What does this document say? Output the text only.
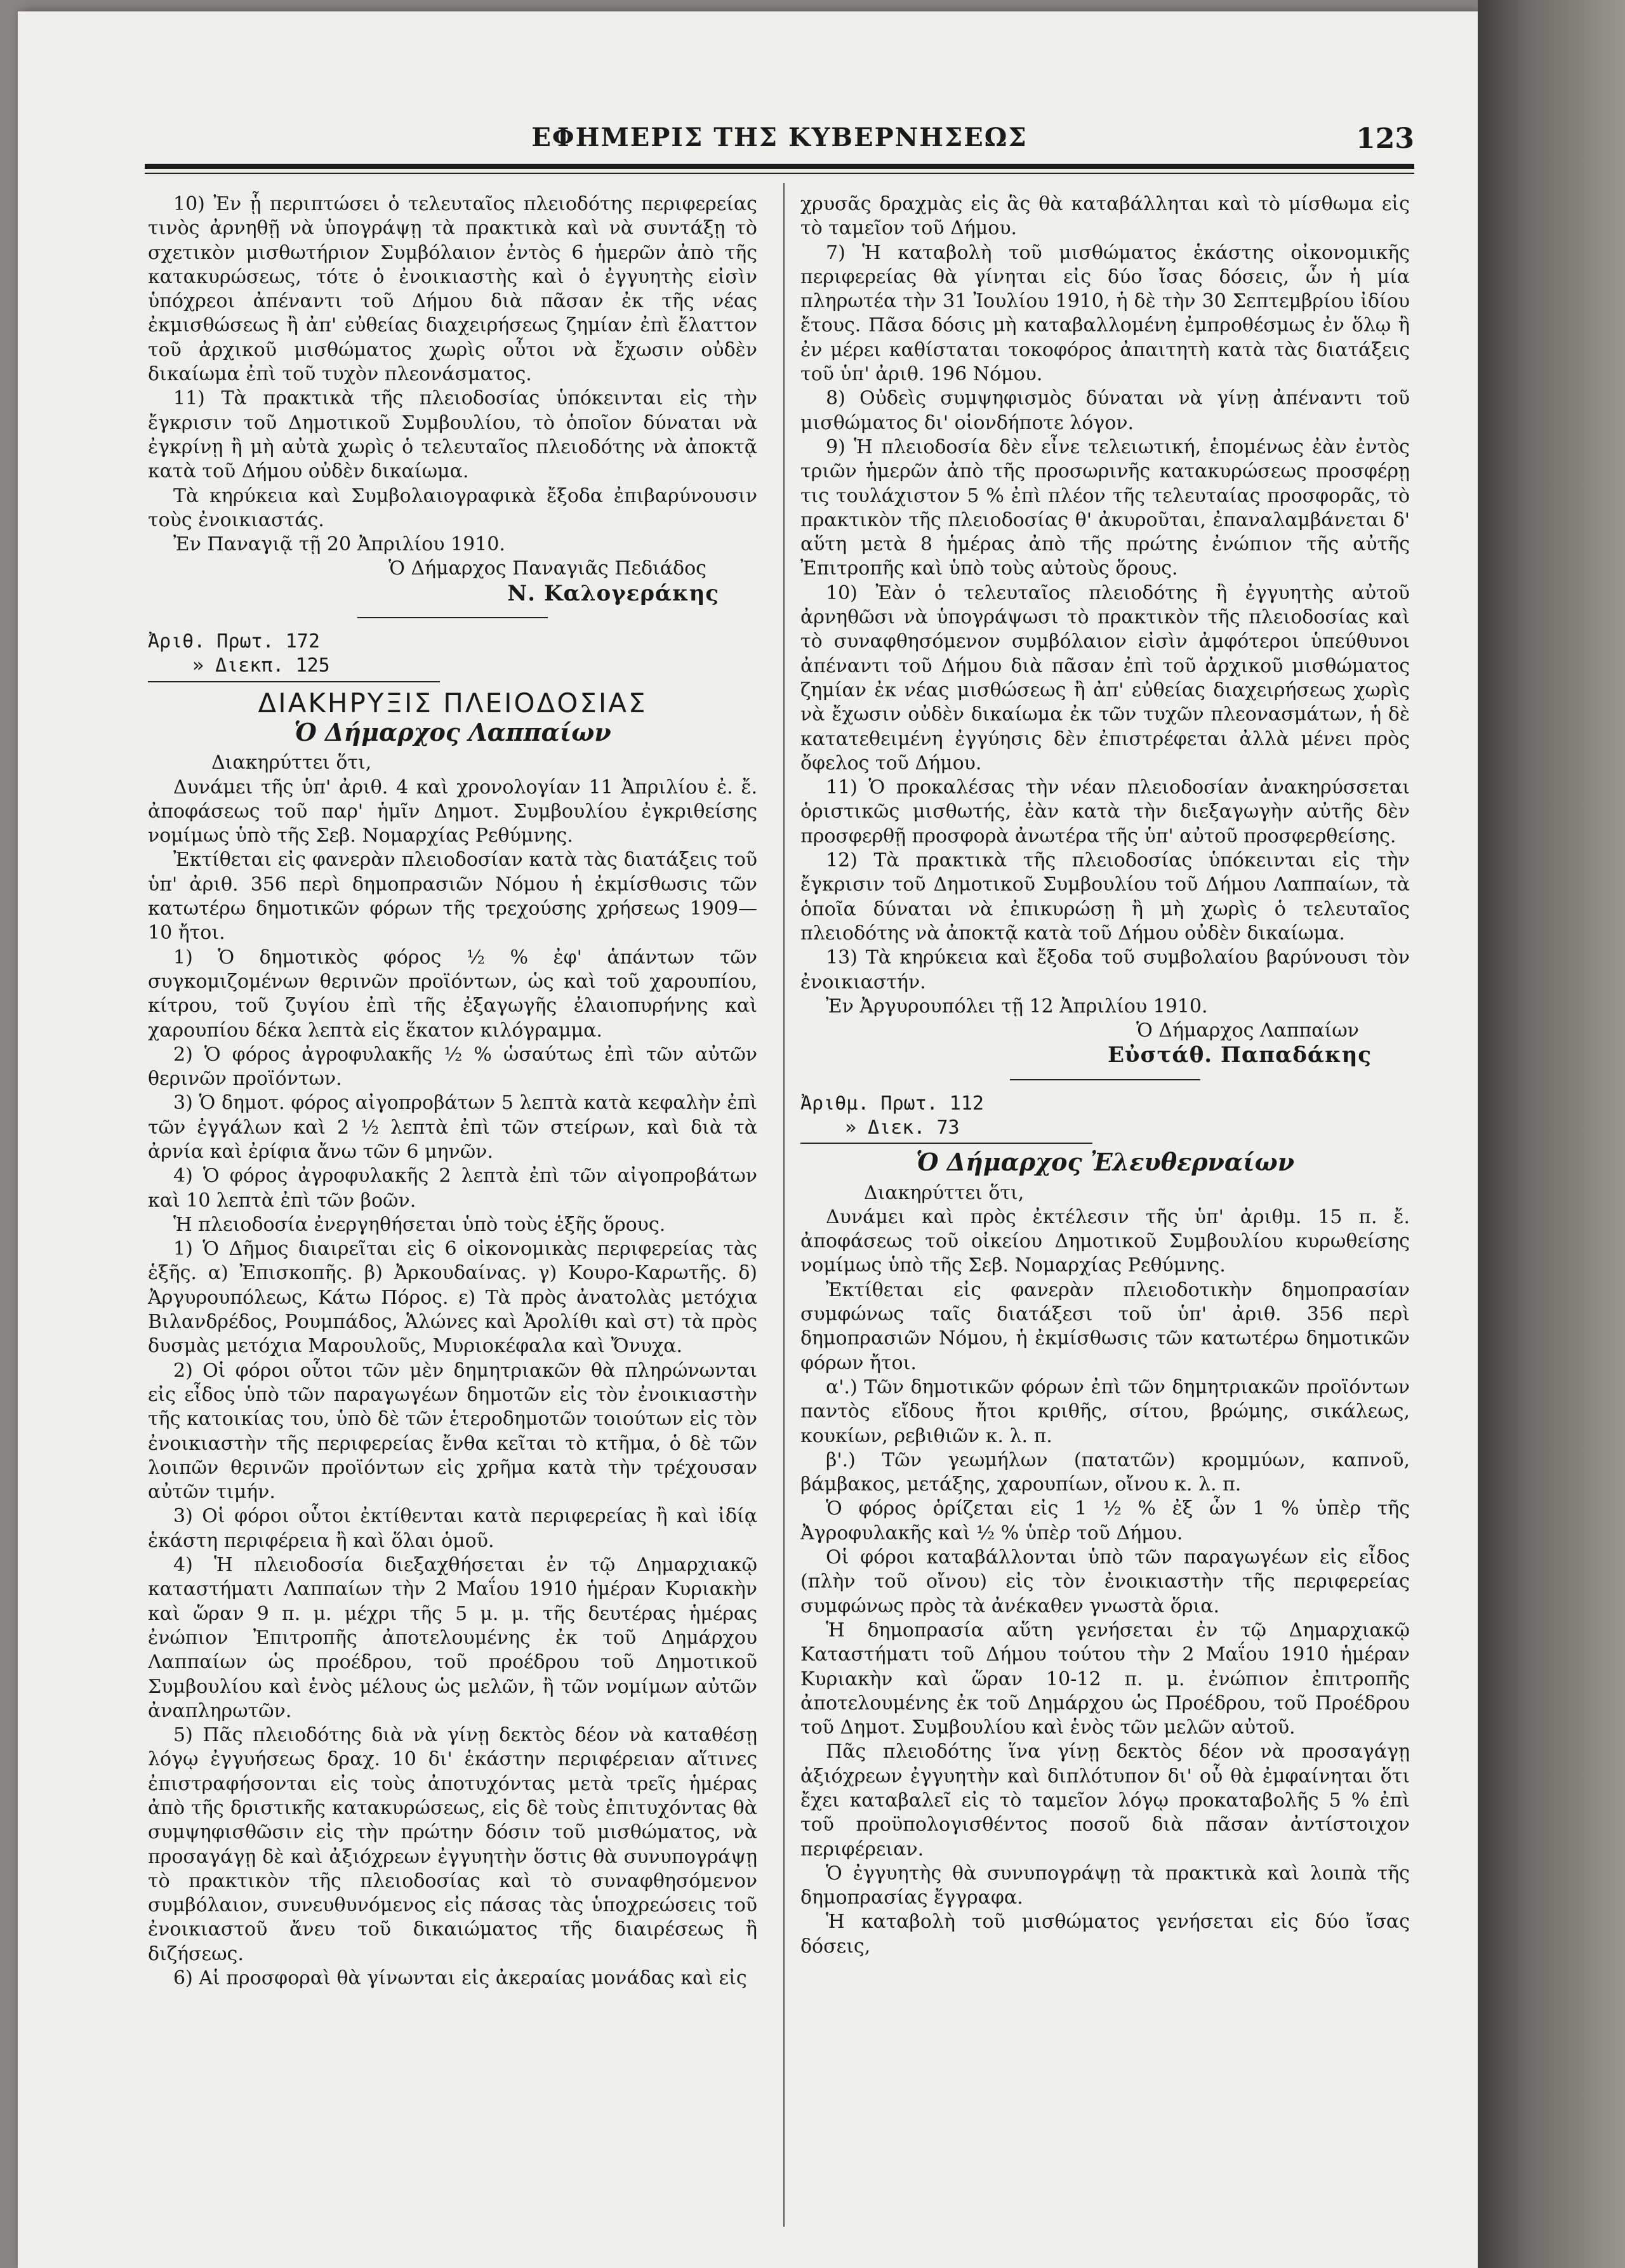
ΕΦΗΜΕΡΙΣ ΤΗΣ ΚΥΒΕΡΝΗΣΕΩΣ	123

10) Ἐν ᾗ περιπτώσει ὁ τελευταῖος πλειοδότης περιφερείας τινὸς ἀρνηθῇ νὰ ὑπογράψῃ τὰ πρακτικὰ καὶ νὰ συντάξῃ τὸ σχετικὸν μισθωτήριον Συμβόλαιον ἐντὸς 6 ἡμερῶν ἀπὸ τῆς κατακυρώσεως, τότε ὁ ἐνοικιαστὴς καὶ ὁ ἐγγυητὴς εἰσὶν ὑπόχρεοι ἀπέναντι τοῦ Δήμου διὰ πᾶσαν ἐκ τῆς νέας ἐκμισθώσεως ἢ ἀπ' εὐθείας διαχειρήσεως ζημίαν ἐπὶ ἔλαττον τοῦ ἀρχικοῦ μισθώματος χωρὶς οὗτοι νὰ ἔχωσιν οὐδὲν δικαίωμα ἐπὶ τοῦ τυχὸν πλεονάσματος.

11) Τὰ πρακτικὰ τῆς πλειοδοσίας ὑπόκεινται εἰς τὴν ἔγκρισιν τοῦ Δημοτικοῦ Συμβουλίου, τὸ ὁποῖον δύναται νὰ ἐγκρίνῃ ἢ μὴ αὐτὰ χωρὶς ὁ τελευταῖος πλειοδότης νὰ ἀποκτᾷ κατὰ τοῦ Δήμου οὐδὲν δικαίωμα.

Τὰ κηρύκεια καὶ Συμβολαιογραφικὰ ἔξοδα ἐπιβαρύνουσιν τοὺς ἐνοικιαστάς.

Ἐν Παναγιᾷ τῇ 20 Ἀπριλίου 1910.

Ὁ Δήμαρχος Παναγιᾶς Πεδιάδος

Ν. Καλογεράκης

Ἀριθ. Πρωτ. 172

» Διεκπ. 125

ΔΙΑΚΗΡΥΞΙΣ ΠΛΕΙΟΔΟΣΙΑΣ

Ὁ Δήμαρχος Λαππαίων

Διακηρύττει ὅτι,

Δυνάμει τῆς ὑπ' ἀριθ. 4 καὶ χρονολογίαν 11 Ἀπριλίου ἐ. ἔ. ἀποφάσεως τοῦ παρ' ἡμῖν Δημοτ. Συμβουλίου ἐγκριθείσης νομίμως ὑπὸ τῆς Σεβ. Νομαρχίας Ρεθύμνης.

Ἐκτίθεται εἰς φανερὰν πλειοδοσίαν κατὰ τὰς διατάξεις τοῦ ὑπ' ἀριθ. 356 περὶ δημοπρασιῶν Νόμου ἡ ἐκμίσθωσις τῶν κατωτέρω δημοτικῶν φόρων τῆς τρεχούσης χρήσεως 1909—10 ἤτοι.

1) Ὁ δημοτικὸς φόρος ½ % ἐφ' ἁπάντων τῶν συγκομιζομένων θερινῶν προϊόντων, ὡς καὶ τοῦ χαρουπίου, κίτρου, τοῦ ζυγίου ἐπὶ τῆς ἐξαγωγῆς ἐλαιοπυρήνης καὶ χαρουπίου δέκα λεπτὰ εἰς ἕκατον κιλόγραμμα.

2) Ὁ φόρος ἀγροφυλακῆς ½ % ὡσαύτως ἐπὶ τῶν αὐτῶν θερινῶν προϊόντων.

3) Ὁ δημοτ. φόρος αἰγοπροβάτων 5 λεπτὰ κατὰ κεφαλὴν ἐπὶ τῶν ἐγγάλων καὶ 2 ½ λεπτὰ ἐπὶ τῶν στείρων, καὶ διὰ τὰ ἀρνία καὶ ἐρίφια ἄνω τῶν 6 μηνῶν.

4) Ὁ φόρος ἀγροφυλακῆς 2 λεπτὰ ἐπὶ τῶν αἰγοπροβάτων καὶ 10 λεπτὰ ἐπὶ τῶν βοῶν.

Ἡ πλειοδοσία ἐνεργηθήσεται ὑπὸ τοὺς ἑξῆς ὅρους.

1) Ὁ Δῆμος διαιρεῖται εἰς 6 οἰκονομικὰς περιφερείας τὰς ἑξῆς. α) Ἐπισκοπῆς. β) Ἀρκουδαίνας. γ) Κουρο-Καρωτῆς. δ) Ἀργυρουπόλεως, Κάτω Πόρος. ε) Τὰ πρὸς ἀνατολὰς μετόχια Βιλανδρέδος, Ρουμπάδος, Ἁλώνες καὶ Ἀρολίθι καὶ στ) τὰ πρὸς δυσμὰς μετόχια Μαρουλοῦς, Μυριοκέφαλα καὶ Ὄνυχα.

2) Οἱ φόροι οὗτοι τῶν μὲν δημητριακῶν θὰ πληρώνωνται εἰς εἶδος ὑπὸ τῶν παραγωγέων δημοτῶν εἰς τὸν ἐνοικιαστὴν τῆς κατοικίας του, ὑπὸ δὲ τῶν ἑτεροδημοτῶν τοιούτων εἰς τὸν ἐνοικιαστὴν τῆς περιφερείας ἔνθα κεῖται τὸ κτῆμα, ὁ δὲ τῶν λοιπῶν θερινῶν προϊόντων εἰς χρῆμα κατὰ τὴν τρέχουσαν αὐτῶν τιμήν.

3) Οἱ φόροι οὗτοι ἐκτίθενται κατὰ περιφερείας ἢ καὶ ἰδίᾳ ἑκάστη περιφέρεια ἢ καὶ ὅλαι ὁμοῦ.

4) Ἡ πλειοδοσία διεξαχθήσεται ἐν τῷ Δημαρχιακῷ καταστήματι Λαππαίων τὴν 2 Μαΐου 1910 ἡμέραν Κυριακὴν καὶ ὥραν 9 π. μ. μέχρι τῆς 5 μ. μ. τῆς δευτέρας ἡμέρας ἐνώπιον Ἐπιτροπῆς ἀποτελουμένης ἐκ τοῦ Δημάρχου Λαππαίων ὡς προέδρου, τοῦ προέδρου τοῦ Δημοτικοῦ Συμβουλίου καὶ ἑνὸς μέλους ὡς μελῶν, ἢ τῶν νομίμων αὐτῶν ἀναπληρωτῶν.

5) Πᾶς πλειοδότης διὰ νὰ γίνῃ δεκτὸς δέον νὰ καταθέσῃ λόγῳ ἐγγυήσεως δραχ. 10 δι' ἑκάστην περιφέρειαν αἵτινες ἐπιστραφήσονται εἰς τοὺς ἀποτυχόντας μετὰ τρεῖς ἡμέρας ἀπὸ τῆς δριστικῆς κατακυρώσεως, εἰς δὲ τοὺς ἐπιτυχόντας θὰ συμψηφισθῶσιν εἰς τὴν πρώτην δόσιν τοῦ μισθώματος, νὰ προσαγάγῃ δὲ καὶ ἀξιόχρεων ἐγγυητὴν ὅστις θὰ συνυπογράψῃ τὸ πρακτικὸν τῆς πλειοδοσίας καὶ τὸ συναφθησόμενον συμβόλαιον, συνευθυνόμενος εἰς πάσας τὰς ὑποχρεώσεις τοῦ ἐνοικιαστοῦ ἄνευ τοῦ δικαιώματος τῆς διαιρέσεως ἢ διζήσεως.

6) Αἱ προσφοραὶ θὰ γίνωνται εἰς ἀκεραίας μονάδας καὶ εἰς

χρυσᾶς δραχμὰς εἰς ἃς θὰ καταβάλληται καὶ τὸ μίσθωμα εἰς τὸ ταμεῖον τοῦ Δήμου.

7) Ἡ καταβολὴ τοῦ μισθώματος ἑκάστης οἰκονομικῆς περιφερείας θὰ γίνηται εἰς δύο ἴσας δόσεις, ὧν ἡ μία πληρωτέα τὴν 31 Ἰουλίου 1910, ἡ δὲ τὴν 30 Σεπτεμβρίου ἰδίου ἔτους. Πᾶσα δόσις μὴ καταβαλλομένη ἐμπροθέσμως ἐν ὅλῳ ἢ ἐν μέρει καθίσταται τοκοφόρος ἀπαιτητὴ κατὰ τὰς διατάξεις τοῦ ὑπ' ἀριθ. 196 Νόμου.

8) Οὐδεὶς συμψηφισμὸς δύναται νὰ γίνῃ ἀπέναντι τοῦ μισθώματος δι' οἱονδήποτε λόγον.

9) Ἡ πλειοδοσία δὲν εἶνε τελειωτική, ἑπομένως ἐὰν ἐντὸς τριῶν ἡμερῶν ἀπὸ τῆς προσωρινῆς κατακυρώσεως προσφέρῃ τις τουλάχιστον 5 % ἐπὶ πλέον τῆς τελευταίας προσφορᾶς, τὸ πρακτικὸν τῆς πλειοδοσίας θ' ἀκυροῦται, ἐπαναλαμβάνεται δ' αὕτη μετὰ 8 ἡμέρας ἀπὸ τῆς πρώτης ἐνώπιον τῆς αὐτῆς Ἐπιτροπῆς καὶ ὑπὸ τοὺς αὐτοὺς ὅρους.

10) Ἐὰν ὁ τελευταῖος πλειοδότης ἢ ἐγγυητὴς αὐτοῦ ἀρνηθῶσι νὰ ὑπογράψωσι τὸ πρακτικὸν τῆς πλειοδοσίας καὶ τὸ συναφθησόμενον συμβόλαιον εἰσὶν ἀμφότεροι ὑπεύθυνοι ἀπέναντι τοῦ Δήμου διὰ πᾶσαν ἐπὶ τοῦ ἀρχικοῦ μισθώματος ζημίαν ἐκ νέας μισθώσεως ἢ ἀπ' εὐθείας διαχειρήσεως χωρὶς νὰ ἔχωσιν οὐδὲν δικαίωμα ἐκ τῶν τυχῶν πλεονασμάτων, ἡ δὲ κατατεθειμένη ἐγγύησις δὲν ἐπιστρέφεται ἀλλὰ μένει πρὸς ὄφελος τοῦ Δήμου.

11) Ὁ προκαλέσας τὴν νέαν πλειοδοσίαν ἀνακηρύσσεται ὁριστικῶς μισθωτής, ἐὰν κατὰ τὴν διεξαγωγὴν αὐτῆς δὲν προσφερθῇ προσφορὰ ἀνωτέρα τῆς ὑπ' αὐτοῦ προσφερθείσης.

12) Τὰ πρακτικὰ τῆς πλειοδοσίας ὑπόκεινται εἰς τὴν ἔγκρισιν τοῦ Δημοτικοῦ Συμβουλίου τοῦ Δήμου Λαππαίων, τὰ ὁποῖα δύναται νὰ ἐπικυρώσῃ ἢ μὴ χωρὶς ὁ τελευταῖος πλειοδότης νὰ ἀποκτᾷ κατὰ τοῦ Δήμου οὐδὲν δικαίωμα.

13) Τὰ κηρύκεια καὶ ἔξοδα τοῦ συμβολαίου βαρύνουσι τὸν ἐνοικιαστήν.

Ἐν Ἀργυρουπόλει τῇ 12 Ἀπριλίου 1910.

Ὁ Δήμαρχος Λαππαίων

Εὐστάθ. Παπαδάκης

Ἀριθμ. Πρωτ. 112

» Διεκ. 73

Ὁ Δήμαρχος Ἐλευθερναίων

Διακηρύττει ὅτι,

Δυνάμει καὶ πρὸς ἐκτέλεσιν τῆς ὑπ' ἀριθμ. 15 π. ἔ. ἀποφάσεως τοῦ οἰκείου Δημοτικοῦ Συμβουλίου κυρωθείσης νομίμως ὑπὸ τῆς Σεβ. Νομαρχίας Ρεθύμνης.

Ἐκτίθεται εἰς φανερὰν πλειοδοτικὴν δημοπρασίαν συμφώνως ταῖς διατάξεσι τοῦ ὑπ' ἀριθ. 356 περὶ δημοπρασιῶν Νόμου, ἡ ἐκμίσθωσις τῶν κατωτέρω δημοτικῶν φόρων ἤτοι.

α'.) Τῶν δημοτικῶν φόρων ἐπὶ τῶν δημητριακῶν προϊόντων παντὸς εἴδους ἤτοι κριθῆς, σίτου, βρώμης, σικάλεως, κουκίων, ρεβιθιῶν κ. λ. π.

β'.) Τῶν γεωμήλων (πατατῶν) κρομμύων, καπνοῦ, βάμβακος, μετάξης, χαρουπίων, οἴνου κ. λ. π.

Ὁ φόρος ὁρίζεται εἰς 1 ½ % ἐξ ὧν 1 % ὑπὲρ τῆς Ἀγροφυλακῆς καὶ ½ % ὑπὲρ τοῦ Δήμου.

Οἱ φόροι καταβάλλονται ὑπὸ τῶν παραγωγέων εἰς εἶδος (πλὴν τοῦ οἴνου) εἰς τὸν ἐνοικιαστὴν τῆς περιφερείας συμφώνως πρὸς τὰ ἀνέκαθεν γνωστὰ ὅρια.

Ἡ δημοπρασία αὕτη γενήσεται ἐν τῷ Δημαρχιακῷ Καταστήματι τοῦ Δήμου τούτου τὴν 2 Μαΐου 1910 ἡμέραν Κυριακὴν καὶ ὥραν 10-12 π. μ. ἐνώπιον ἐπιτροπῆς ἀποτελουμένης ἐκ τοῦ Δημάρχου ὡς Προέδρου, τοῦ Προέδρου τοῦ Δημοτ. Συμβουλίου καὶ ἑνὸς τῶν μελῶν αὐτοῦ.

Πᾶς πλειοδότης ἵνα γίνῃ δεκτὸς δέον νὰ προσαγάγῃ ἀξιόχρεων ἐγγυητὴν καὶ διπλότυπον δι' οὗ θὰ ἐμφαίνηται ὅτι ἔχει καταβαλεῖ εἰς τὸ ταμεῖον λόγῳ προκαταβολῆς 5 % ἐπὶ τοῦ προϋπολογισθέντος ποσοῦ διὰ πᾶσαν ἀντίστοιχον περιφέρειαν.

Ὁ ἐγγυητὴς θὰ συνυπογράψῃ τὰ πρακτικὰ καὶ λοιπὰ τῆς δημοπρασίας ἔγγραφα.

Ἡ καταβολὴ τοῦ μισθώματος γενήσεται εἰς δύο ἴσας δόσεις,
